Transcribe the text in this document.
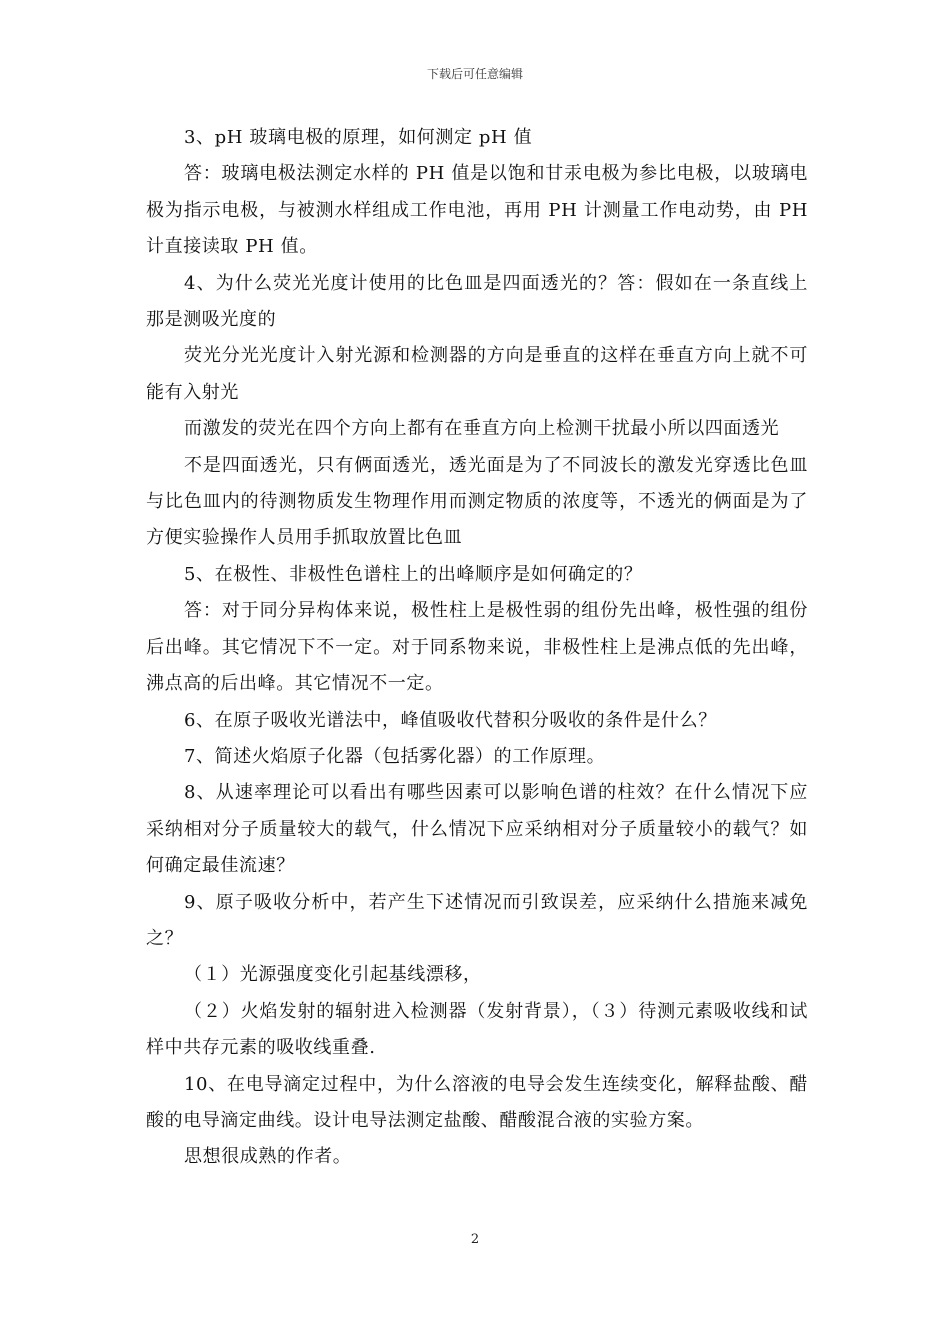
下载后可任意编辑

3、pH 玻璃电极的原理，如何测定 pH 值

答：玻璃电极法测定水样的 PH 值是以饱和甘汞电极为参比电极，以玻璃电极为指示电极，与被测水样组成工作电池，再用 PH 计测量工作电动势，由 PH 计直接读取 PH 值。

4、为什么荧光光度计使用的比色皿是四面透光的？答：假如在一条直线上那是测吸光度的

荧光分光光度计入射光源和检测器的方向是垂直的这样在垂直方向上就不可能有入射光

而激发的荧光在四个方向上都有在垂直方向上检测干扰最小所以四面透光

不是四面透光，只有俩面透光，透光面是为了不同波长的激发光穿透比色皿与比色皿内的待测物质发生物理作用而测定物质的浓度等，不透光的俩面是为了方便实验操作人员用手抓取放置比色皿

5、在极性、非极性色谱柱上的出峰顺序是如何确定的？

答：对于同分异构体来说，极性柱上是极性弱的组份先出峰，极性强的组份后出峰。其它情况下不一定。对于同系物来说，非极性柱上是沸点低的先出峰，沸点高的后出峰。其它情况不一定。

6、在原子吸收光谱法中，峰值吸收代替积分吸收的条件是什么？

7、简述火焰原子化器（包括雾化器）的工作原理。

8、从速率理论可以看出有哪些因素可以影响色谱的柱效？在什么情况下应采纳相对分子质量较大的载气，什么情况下应采纳相对分子质量较小的载气？如何确定最佳流速？

9、原子吸收分析中，若产生下述情况而引致误差，应采纳什么措施来减免之？

（１）光源强度变化引起基线漂移，

（２）火焰发射的辐射进入检测器（发射背景），（３）待测元素吸收线和试样中共存元素的吸收线重叠.

10、在电导滴定过程中，为什么溶液的电导会发生连续变化，解释盐酸、醋酸的电导滴定曲线。设计电导法测定盐酸、醋酸混合液的实验方案。

思想很成熟的作者。

2
